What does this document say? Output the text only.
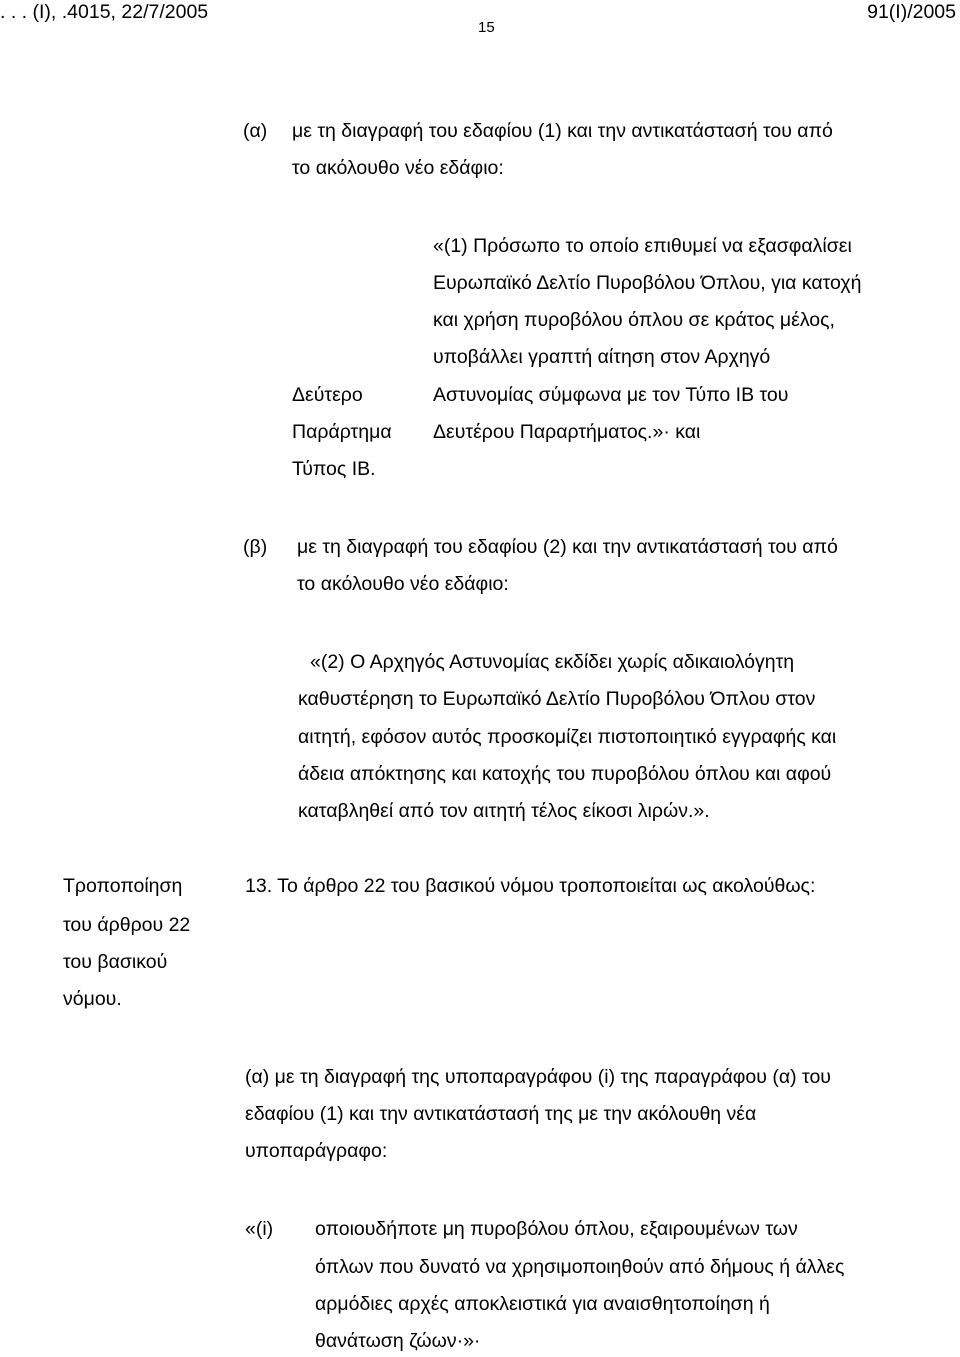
. . . (Ι), .4015, 22/7/2005	91(Ι)/2005
15
(α) με τη διαγραφή του εδαφίου (1) και την αντικατάστασή του από
το ακόλουθο νέο εδάφιο:
«(1) Πρόσωπο το οποίο επιθυμεί να εξασφαλίσει
Ευρωπαϊκό Δελτίο Πυροβόλου Όπλου, για κατοχή
και χρήση πυροβόλου όπλου σε κράτος μέλος,
υποβάλλει γραπτή αίτηση στον Αρχηγό
Αστυνομίας σύμφωνα με τον Τύπο ΙΒ του
Δευτέρου Παραρτήματος.»· και
Δεύτερο
Παράρτημα
Τύπος ΙΒ.
(β) με τη διαγραφή του εδαφίου (2) και την αντικατάστασή του από
το ακόλουθο νέο εδάφιο:
«(2) Ο Αρχηγός Αστυνομίας εκδίδει χωρίς αδικαιολόγητη
καθυστέρηση το Ευρωπαϊκό Δελτίο Πυροβόλου Όπλου στον
αιτητή, εφόσον αυτός προσκομίζει πιστοποιητικό εγγραφής και
άδεια απόκτησης και κατοχής του πυροβόλου όπλου και αφού
καταβληθεί από τον αιτητή τέλος είκοσι λιρών.».
Τροποποίηση
του άρθρου 22
του βασικού
νόμου.
13. Το άρθρο 22 του βασικού νόμου τροποποιείται ως ακολούθως:
(α) με τη διαγραφή της υποπαραγράφου (i) της παραγράφου (α) του
εδαφίου (1) και την αντικατάστασή της με την ακόλουθη νέα
υποπαράγραφο:
«(i) οποιουδήποτε μη πυροβόλου όπλου, εξαιρουμένων των
όπλων που δυνατό να χρησιμοποιηθούν από δήμους ή άλλες
αρμόδιες αρχές αποκλειστικά για αναισθητοποίηση ή
θανάτωση ζώων·»·
